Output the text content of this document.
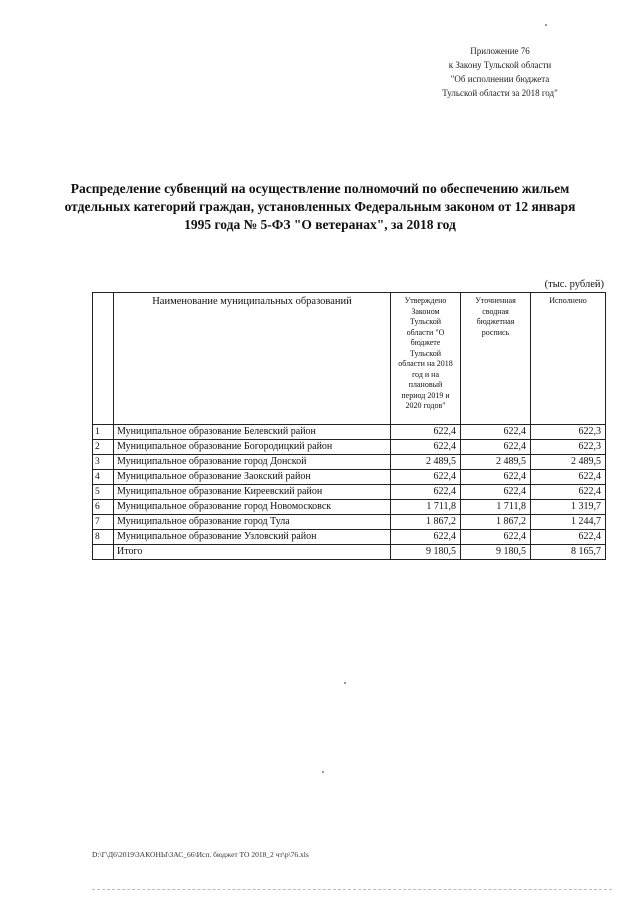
Приложение 76
к Закону Тульской области
"Об исполнении бюджета
Тульской области за 2018 год"
Распределение субвенций на осуществление полномочий по обеспечению жильем
отдельных категорий граждан, установленных Федеральным законом от 12 января
1995 года № 5-ФЗ "О ветеранах", за 2018 год
(тыс. рублей)
	Наименование муниципальных образований	Утверждено Законом Тульской области "О бюджете Тульской области на 2018 год и на плановый период 2019 и 2020 годов"	Уточненная сводная бюджетная роспись	Исполнено
1	Муниципальное образование Белевский район	622,4	622,4	622,3
2	Муниципальное образование Богородицкий район	622,4	622,4	622,3
3	Муниципальное образование город Донской	2 489,5	2 489,5	2 489,5
4	Муниципальное образование Заокский район	622,4	622,4	622,4
5	Муниципальное образование Киреевский район	622,4	622,4	622,4
6	Муниципальное образование город Новомосковск	1 711,8	1 711,8	1 319,7
7	Муниципальное образование город Тула	1 867,2	1 867,2	1 244,7
8	Муниципальное образование Узловский район	622,4	622,4	622,4
	Итого	9 180,5	9 180,5	8 165,7
D:\Г\Д6\2019\ЗАКОНЫ\ЗАС_66\Исп. бюджет ТО 2018_2 чт\р\76.xls
